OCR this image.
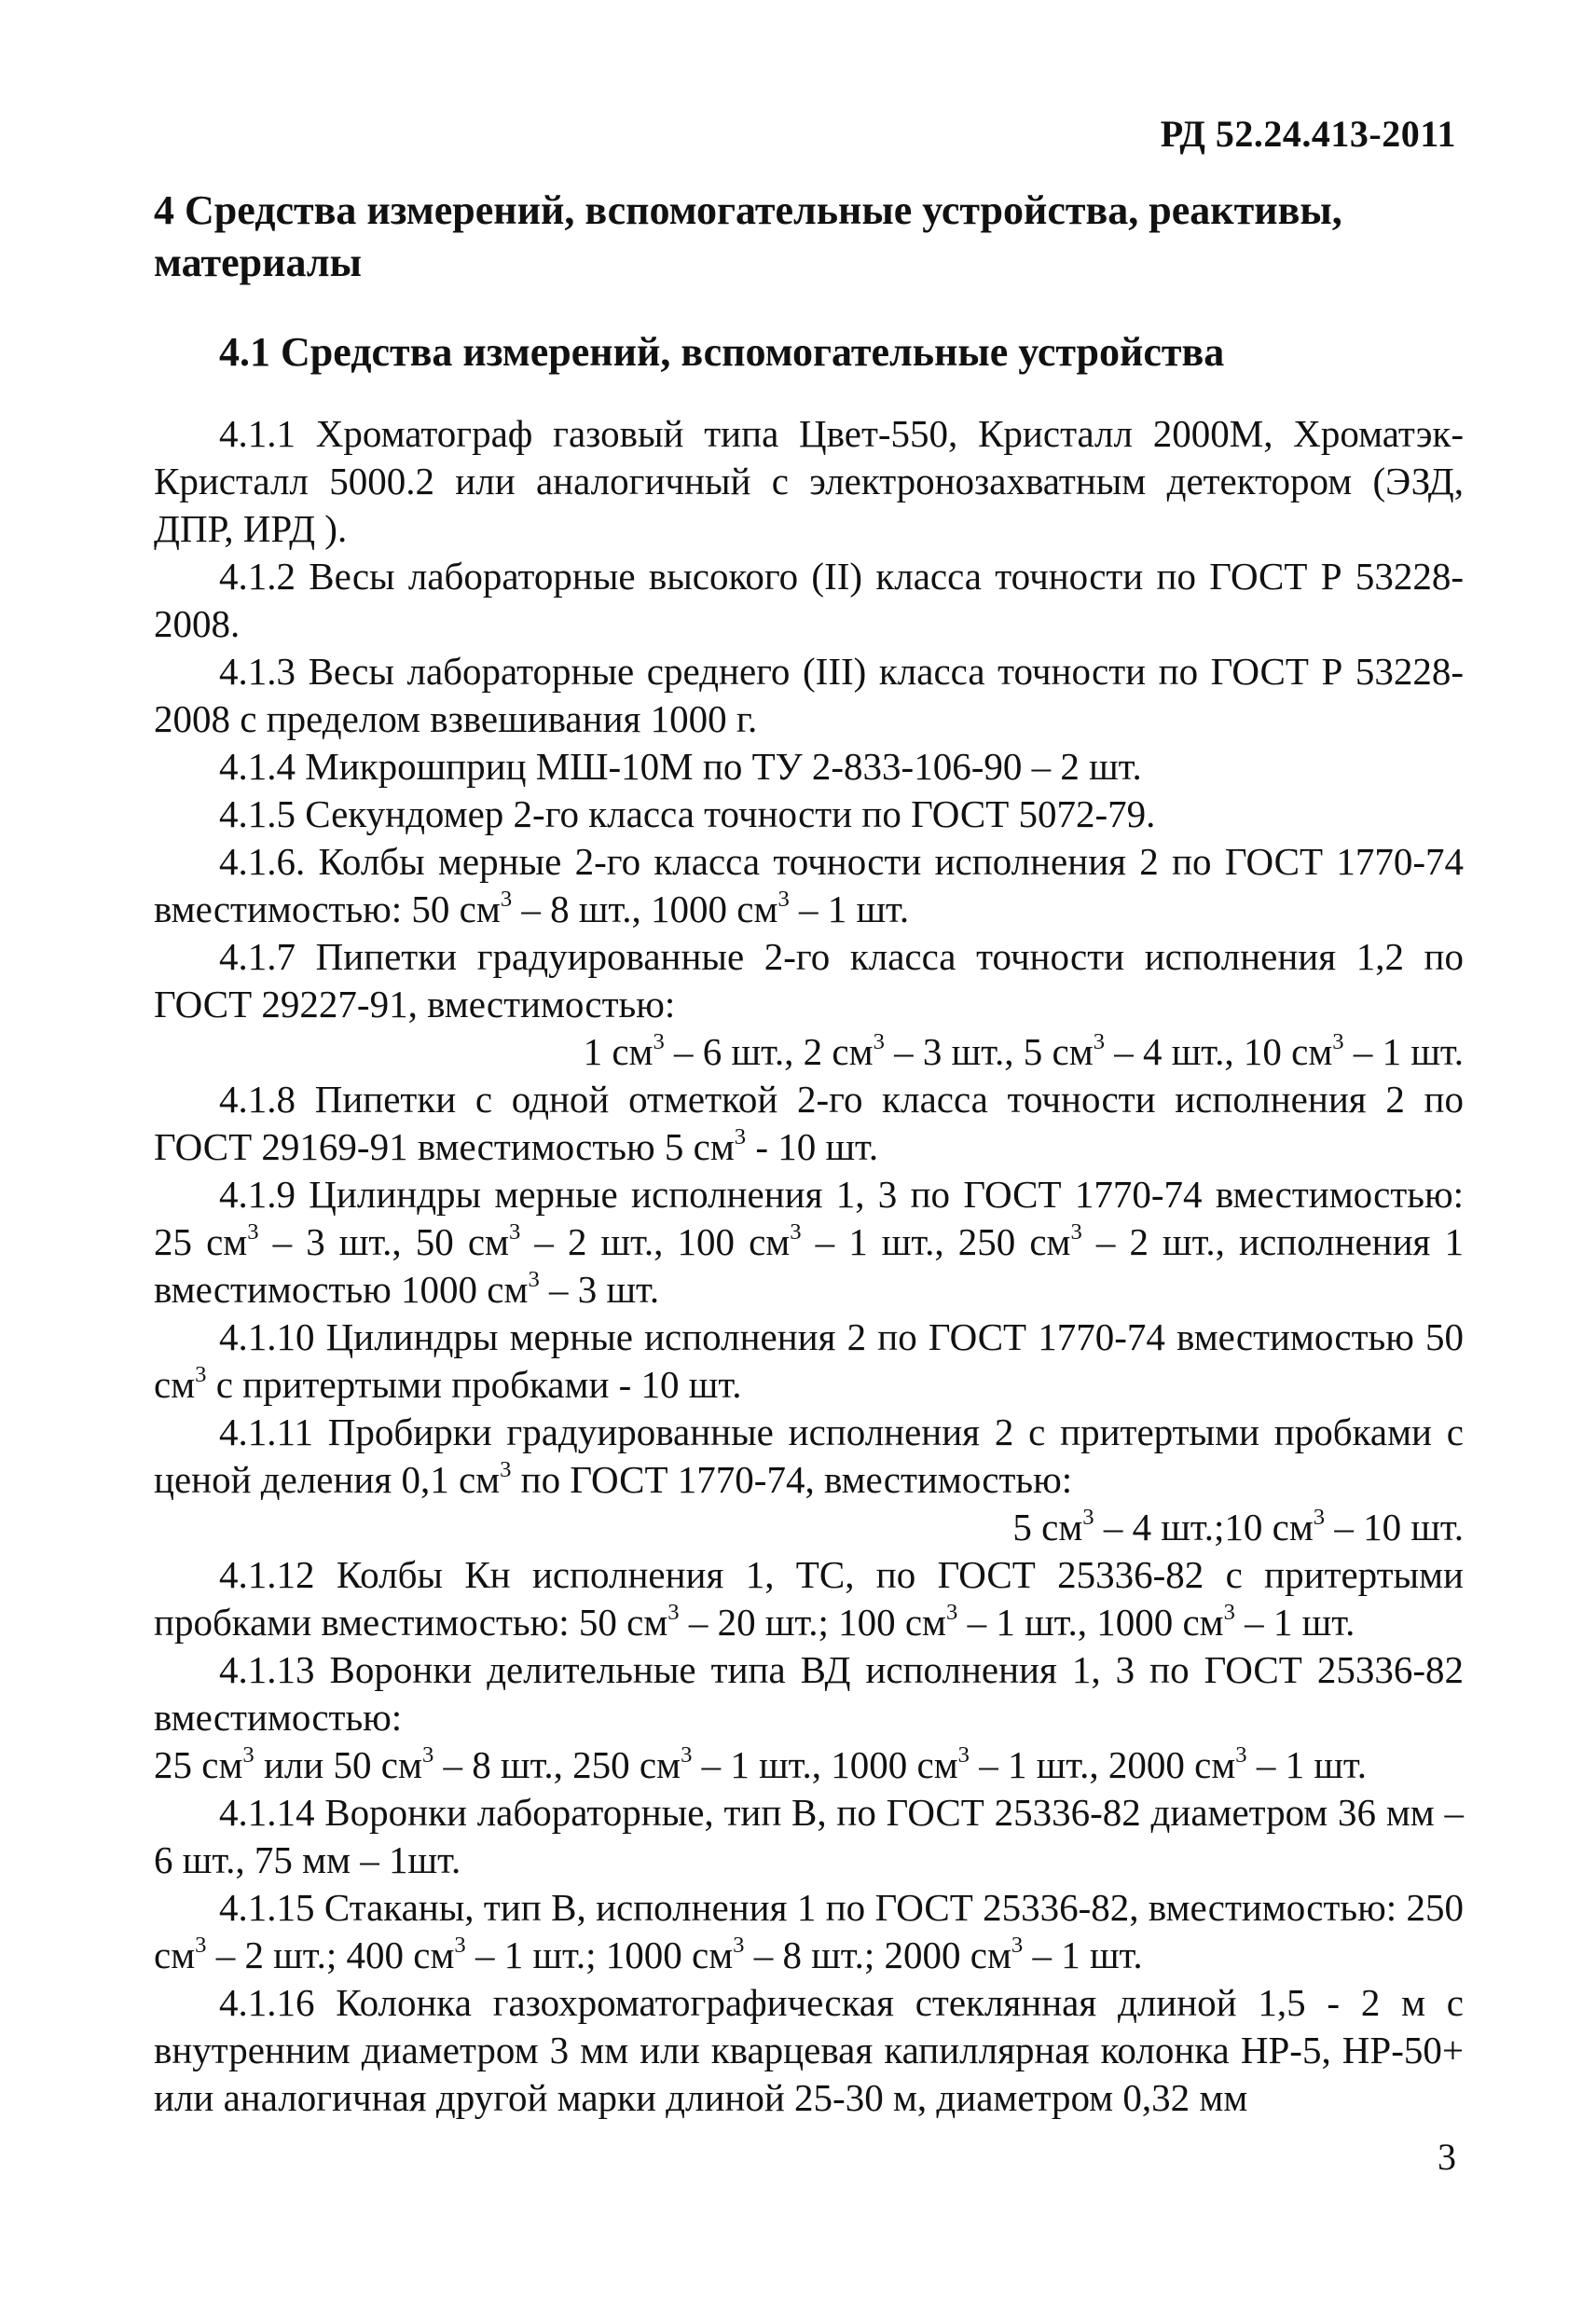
РД 52.24.413-2011
4 Средства измерений, вспомогательные устройства, реактивы, материалы
4.1 Средства измерений, вспомогательные устройства

4.1.1 Хроматограф газовый типа Цвет-550, Кристалл 2000М, Хроматэк-Кристалл 5000.2 или аналогичный с электронозахватным детектором (ЭЗД, ДПР, ИРД ).

4.1.2 Весы лабораторные высокого (II) класса точности по ГОСТ Р 53228-2008.

4.1.3 Весы лабораторные среднего (III) класса точности по ГОСТ Р 53228-2008 с пределом взвешивания 1000 г.

4.1.4 Микрошприц МШ-10М по ТУ 2-833-106-90 – 2 шт.

4.1.5 Секундомер 2-го класса точности по ГОСТ 5072-79.

4.1.6. Колбы мерные 2-го класса точности исполнения 2 по ГОСТ 1770-74 вместимостью: 50 $см^3 - 8$ шт., 1000 $см^3 - 1$ шт.

4.1.7 Пипетки градуированные 2-го класса точности исполнения 1,2 по ГОСТ 29227-91, вместимостью:
1 $см^3 - 6$ шт., 2 $см^3 - 3$ шт., 5 $см^3 - 4$ шт., 10 $см^3 - 1$ шт.

4.1.8 Пипетки с одной отметкой 2-го класса точности исполнения 2 по ГОСТ 29169-91 вместимостью 5 $см^3 - 10$ шт.

4.1.9 Цилиндры мерные исполнения 1, 3 по ГОСТ 1770-74 вместимостью: 25 $см^3 - 3$ шт., 50 $см^3 - 2$ шт., 100 $см^3 - 1$ шт., 250 $см^3 - 2$ шт., исполнения 1 вместимостью 1000 $см^3 - 3$ шт.

4.1.10 Цилиндры мерные исполнения 2 по ГОСТ 1770-74 вместимостью 50 $см^3$ с притертыми пробками - 10 шт.

4.1.11 Пробирки градуированные исполнения 2 с притертыми пробками с ценой деления 0,1 $см^3$ по ГОСТ 1770-74, вместимостью:
5 $см^3 - 4$ шт.;10 $см^3 - 10$ шт.

4.1.12 Колбы Кн исполнения 1, ТС, по ГОСТ 25336-82 с притертыми пробками вместимостью: 50 $см^3 - 20$ шт.; 100 $см^3 - 1$ шт., 1000 $см^3 - 1$ шт.

4.1.13 Воронки делительные типа ВД исполнения 1, 3 по ГОСТ 25336-82 вместимостью:
25 $см^3$ или 50 $см^3 - 8$ шт., 250 $см^3 - 1$ шт., 1000 $см^3 - 1$ шт., 2000 $см^3 - 1$ шт.

4.1.14 Воронки лабораторные, тип В, по ГОСТ 25336-82 диаметром 36 мм – 6 шт., 75 мм – 1шт.

4.1.15 Стаканы, тип В, исполнения 1 по ГОСТ 25336-82, вместимостью: 250 $см^3 - 2$ шт.; 400 $см^3 - 1$ шт.; 1000 $см^3 - 8$ шт.; 2000 $см^3 - 1$ шт.

4.1.16 Колонка газохроматографическая стеклянная длиной 1,5 - 2 м с внутренним диаметром 3 мм или кварцевая капиллярная колонка HP-5, HP-50+ или аналогичная другой марки длиной 25-30 м, диаметром 0,32 мм

3
